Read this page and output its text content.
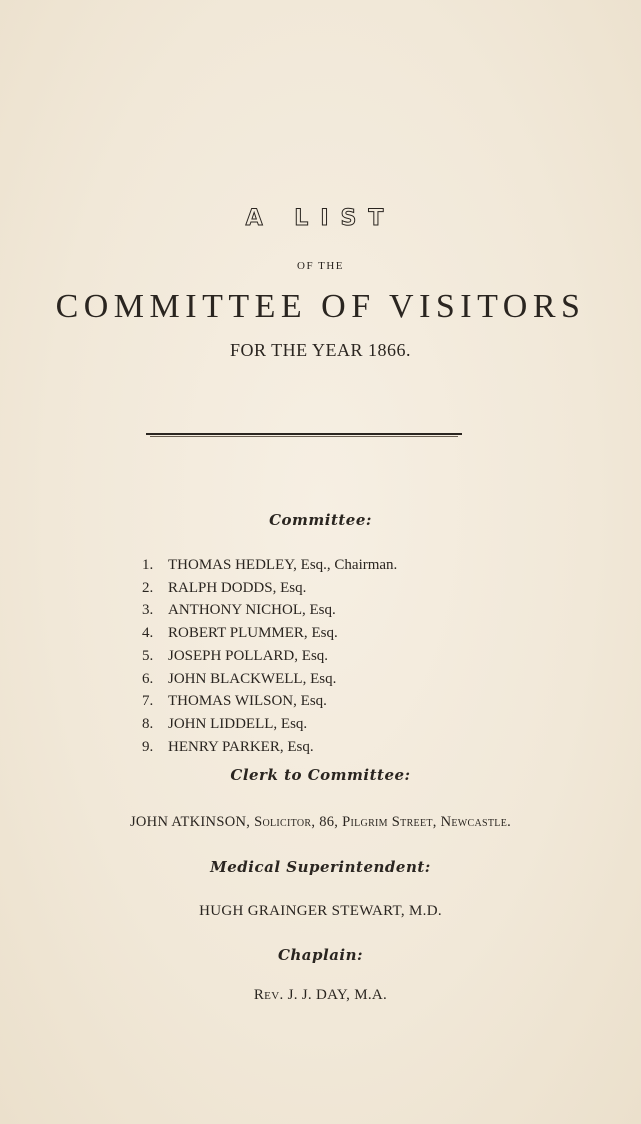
A LIST
OF THE
COMMITTEE OF VISITORS
FOR THE YEAR 1866.
Committee:
1. THOMAS HEDLEY,
Esq.,
Chairman.
2. RALPH DODDS,
Esq.
3. ANTHONY NICHOL,
Esq.
4. ROBERT PLUMMER,
Esq.
5. JOSEPH POLLARD,
Esq.
6. JOHN BLACKWELL,
Esq.
7. THOMAS WILSON,
Esq.
8. JOHN LIDDELL,
Esq.
9. HENRY PARKER,
Esq.
Clerk to Committee:
JOHN ATKINSON, Solicitor, 86, Pilgrim Street, Newcastle.
Medical Superintendent:
HUGH GRAINGER STEWART, M.D.
Chaplain:
Rev. J. J. DAY, M.A.
